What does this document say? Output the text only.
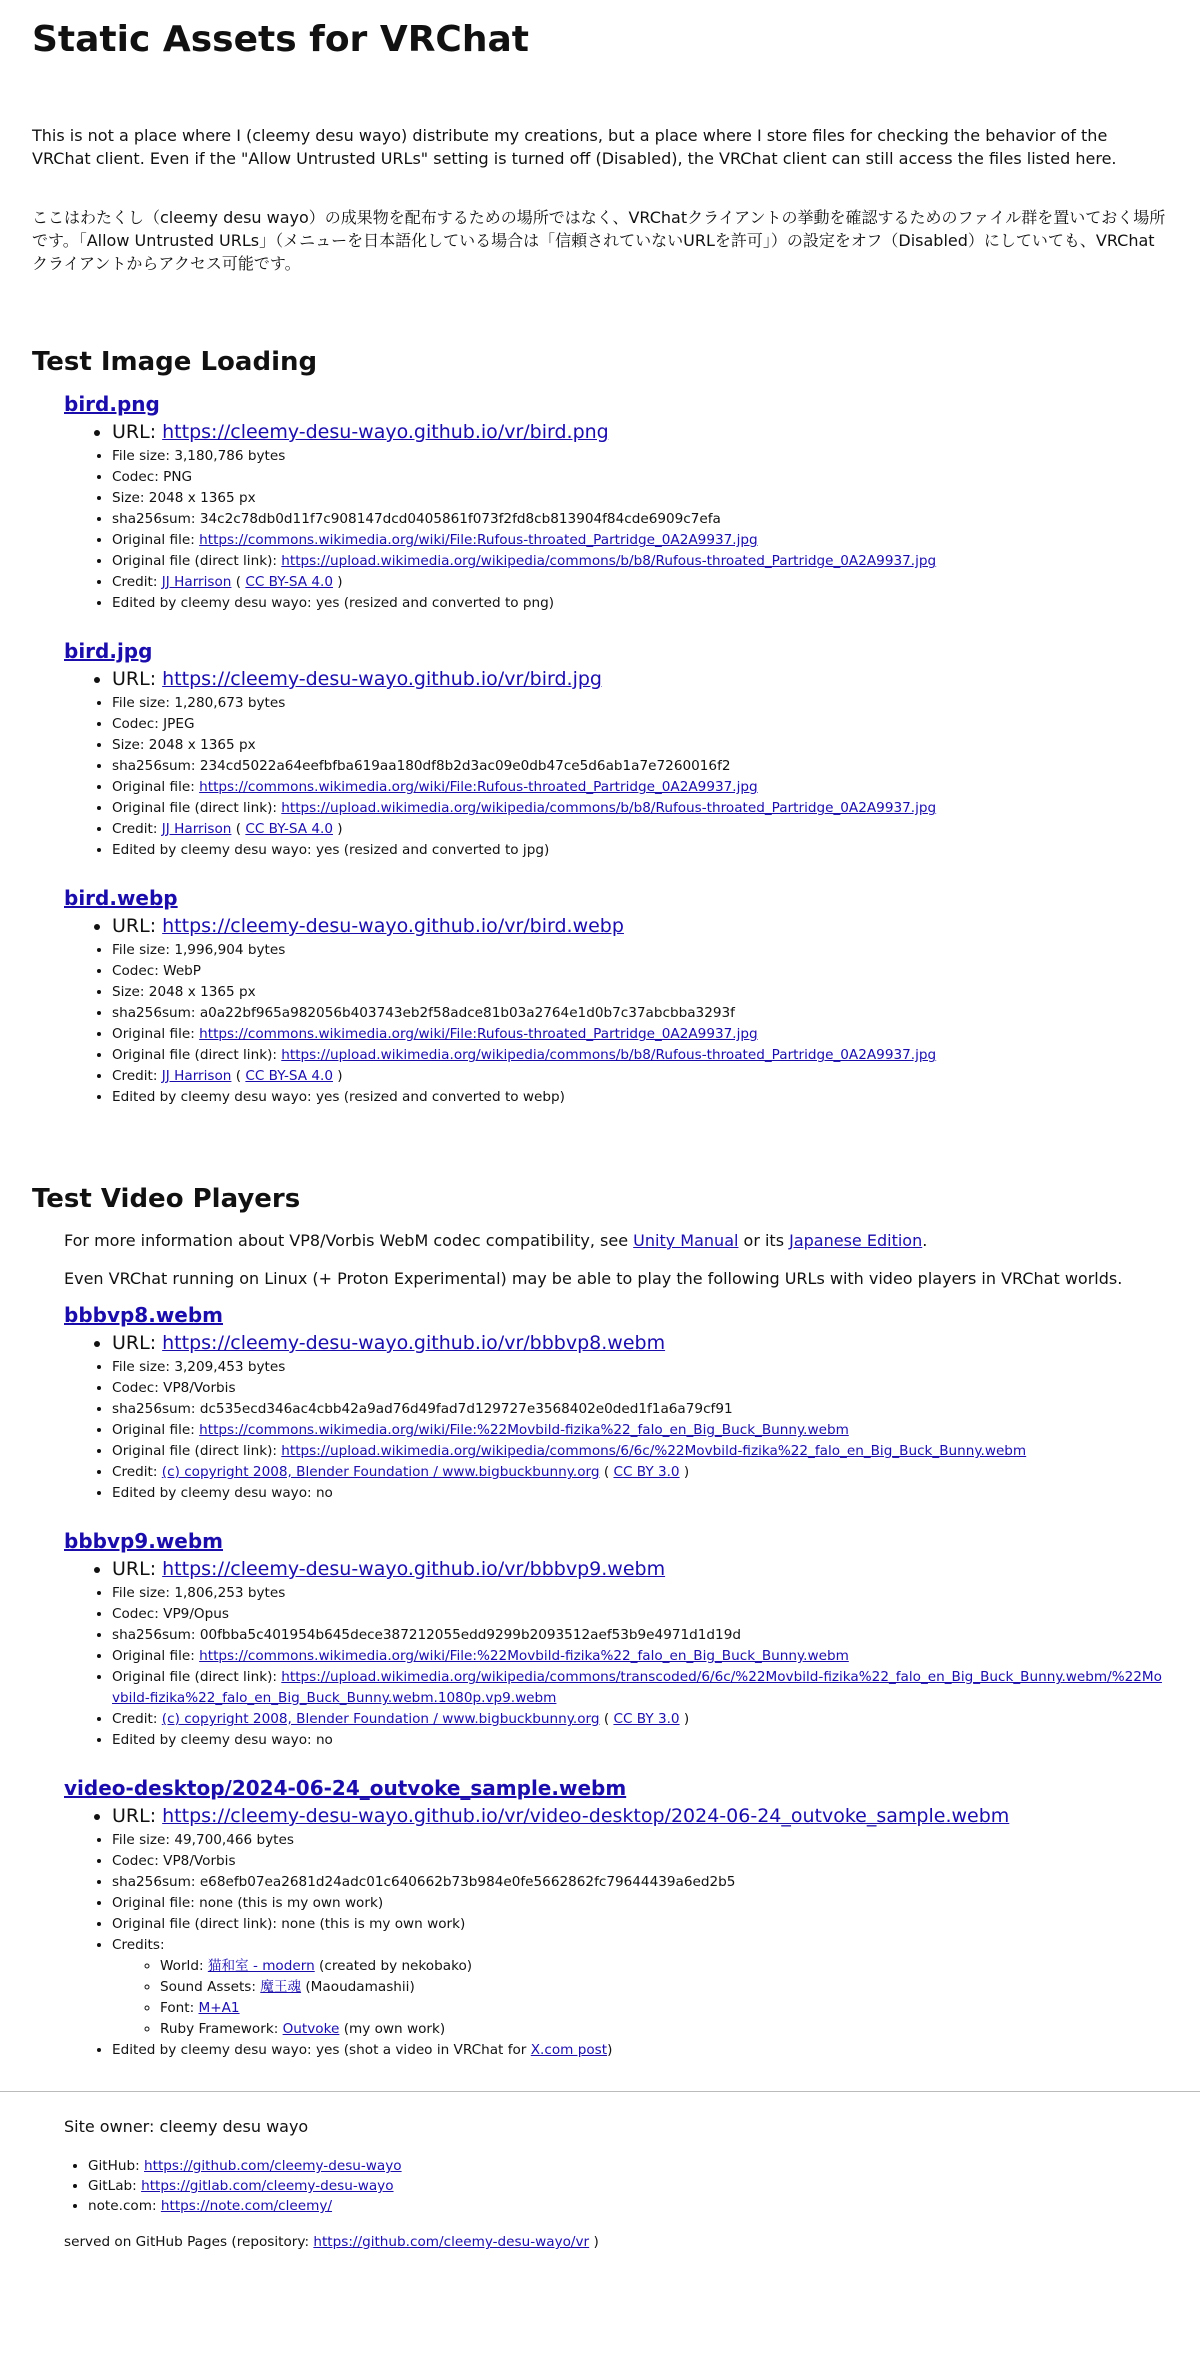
Static Assets for VRChat

This is not a place where I (cleemy desu wayo) distribute my creations, but a place where I store files for checking the behavior of the VRChat client. Even if the "Allow Untrusted URLs" setting is turned off (Disabled), the VRChat client can still access the files listed here.

ここはわたくし（cleemy desu wayo）の成果物を配布するための場所ではなく、VRChatクライアントの挙動を確認するためのファイル群を置いておく場所です。「Allow Untrusted URLs」（メニューを日本語化している場合は「信頼されていないURLを許可」）の設定をオフ（Disabled）にしていても、VRChatクライアントからアクセス可能です。

Test Image Loading
bird.png
• URL: https://cleemy-desu-wayo.github.io/vr/bird.png
• File size: 3,180,786 bytes
• Codec: PNG
• Size: 2048 x 1365 px
• sha256sum: 34c2c78db0d11f7c908147dcd0405861f073f2fd8cb813904f84cde6909c7efa
• Original file: https://commons.wikimedia.org/wiki/File:Rufous-throated_Partridge_0A2A9937.jpg
• Original file (direct link): https://upload.wikimedia.org/wikipedia/commons/b/b8/Rufous-throated_Partridge_0A2A9937.jpg
• Credit: JJ Harrison ( CC BY-SA 4.0 )
• Edited by cleemy desu wayo: yes (resized and converted to png)
bird.jpg
• URL: https://cleemy-desu-wayo.github.io/vr/bird.jpg
• File size: 1,280,673 bytes
• Codec: JPEG
• Size: 2048 x 1365 px
• sha256sum: 234cd5022a64eefbfba619aa180df8b2d3ac09e0db47ce5d6ab1a7e7260016f2
• Original file: https://commons.wikimedia.org/wiki/File:Rufous-throated_Partridge_0A2A9937.jpg
• Original file (direct link): https://upload.wikimedia.org/wikipedia/commons/b/b8/Rufous-throated_Partridge_0A2A9937.jpg
• Credit: JJ Harrison ( CC BY-SA 4.0 )
• Edited by cleemy desu wayo: yes (resized and converted to jpg)
bird.webp
• URL: https://cleemy-desu-wayo.github.io/vr/bird.webp
• File size: 1,996,904 bytes
• Codec: WebP
• Size: 2048 x 1365 px
• sha256sum: a0a22bf965a982056b403743eb2f58adce81b03a2764e1d0b7c37abcbba3293f
• Original file: https://commons.wikimedia.org/wiki/File:Rufous-throated_Partridge_0A2A9937.jpg
• Original file (direct link): https://upload.wikimedia.org/wikipedia/commons/b/b8/Rufous-throated_Partridge_0A2A9937.jpg
• Credit: JJ Harrison ( CC BY-SA 4.0 )
• Edited by cleemy desu wayo: yes (resized and converted to webp)
Test Video Players

For more information about VP8/Vorbis WebM codec compatibility, see Unity Manual or its Japanese Edition.

Even VRChat running on Linux (+ Proton Experimental) may be able to play the following URLs with video players in VRChat worlds.

bbbvp8.webm
• URL: https://cleemy-desu-wayo.github.io/vr/bbbvp8.webm
• File size: 3,209,453 bytes
• Codec: VP8/Vorbis
• sha256sum: dc535ecd346ac4cbb42a9ad76d49fad7d129727e3568402e0ded1f1a6a79cf91
• Original file: https://commons.wikimedia.org/wiki/File:%22Movbild-fizika%22_falo_en_Big_Buck_Bunny.webm
• Original file (direct link): https://upload.wikimedia.org/wikipedia/commons/6/6c/%22Movbild-fizika%22_falo_en_Big_Buck_Bunny.webm
• Credit: (c) copyright 2008, Blender Foundation / www.bigbuckbunny.org ( CC BY 3.0 )
• Edited by cleemy desu wayo: no
bbbvp9.webm
• URL: https://cleemy-desu-wayo.github.io/vr/bbbvp9.webm
• File size: 1,806,253 bytes
• Codec: VP9/Opus
• sha256sum: 00fbba5c401954b645dece387212055edd9299b2093512aef53b9e4971d1d19d
• Original file: https://commons.wikimedia.org/wiki/File:%22Movbild-fizika%22_falo_en_Big_Buck_Bunny.webm
• Original file (direct link): https://upload.wikimedia.org/wikipedia/commons/transcoded/6/6c/%22Movbild-fizika%22_falo_en_Big_Buck_Bunny.webm/%22Movbild-fizika%22_falo_en_Big_Buck_Bunny.webm.1080p.vp9.webm
• Credit: (c) copyright 2008, Blender Foundation / www.bigbuckbunny.org ( CC BY 3.0 )
• Edited by cleemy desu wayo: no
video-desktop/2024-06-24_outvoke_sample.webm
• URL: https://cleemy-desu-wayo.github.io/vr/video-desktop/2024-06-24_outvoke_sample.webm
• File size: 49,700,466 bytes
• Codec: VP8/Vorbis
• sha256sum: e68efb07ea2681d24adc01c640662b73b984e0fe5662862fc79644439a6ed2b5
• Original file: none (this is my own work)
• Original file (direct link): none (this is my own work)
• Credits:
◦ World: 猫和室 - modern (created by nekobako)
◦ Sound Assets: 魔王魂 (Maoudamashii)
◦ Font: M+A1
◦ Ruby Framework: Outvoke (my own work)
• Edited by cleemy desu wayo: yes (shot a video in VRChat for X.com post)
Site owner: cleemy desu wayo
• GitHub: https://github.com/cleemy-desu-wayo
• GitLab: https://gitlab.com/cleemy-desu-wayo
• note.com: https://note.com/cleemy/
served on GitHub Pages (repository: https://github.com/cleemy-desu-wayo/vr )
